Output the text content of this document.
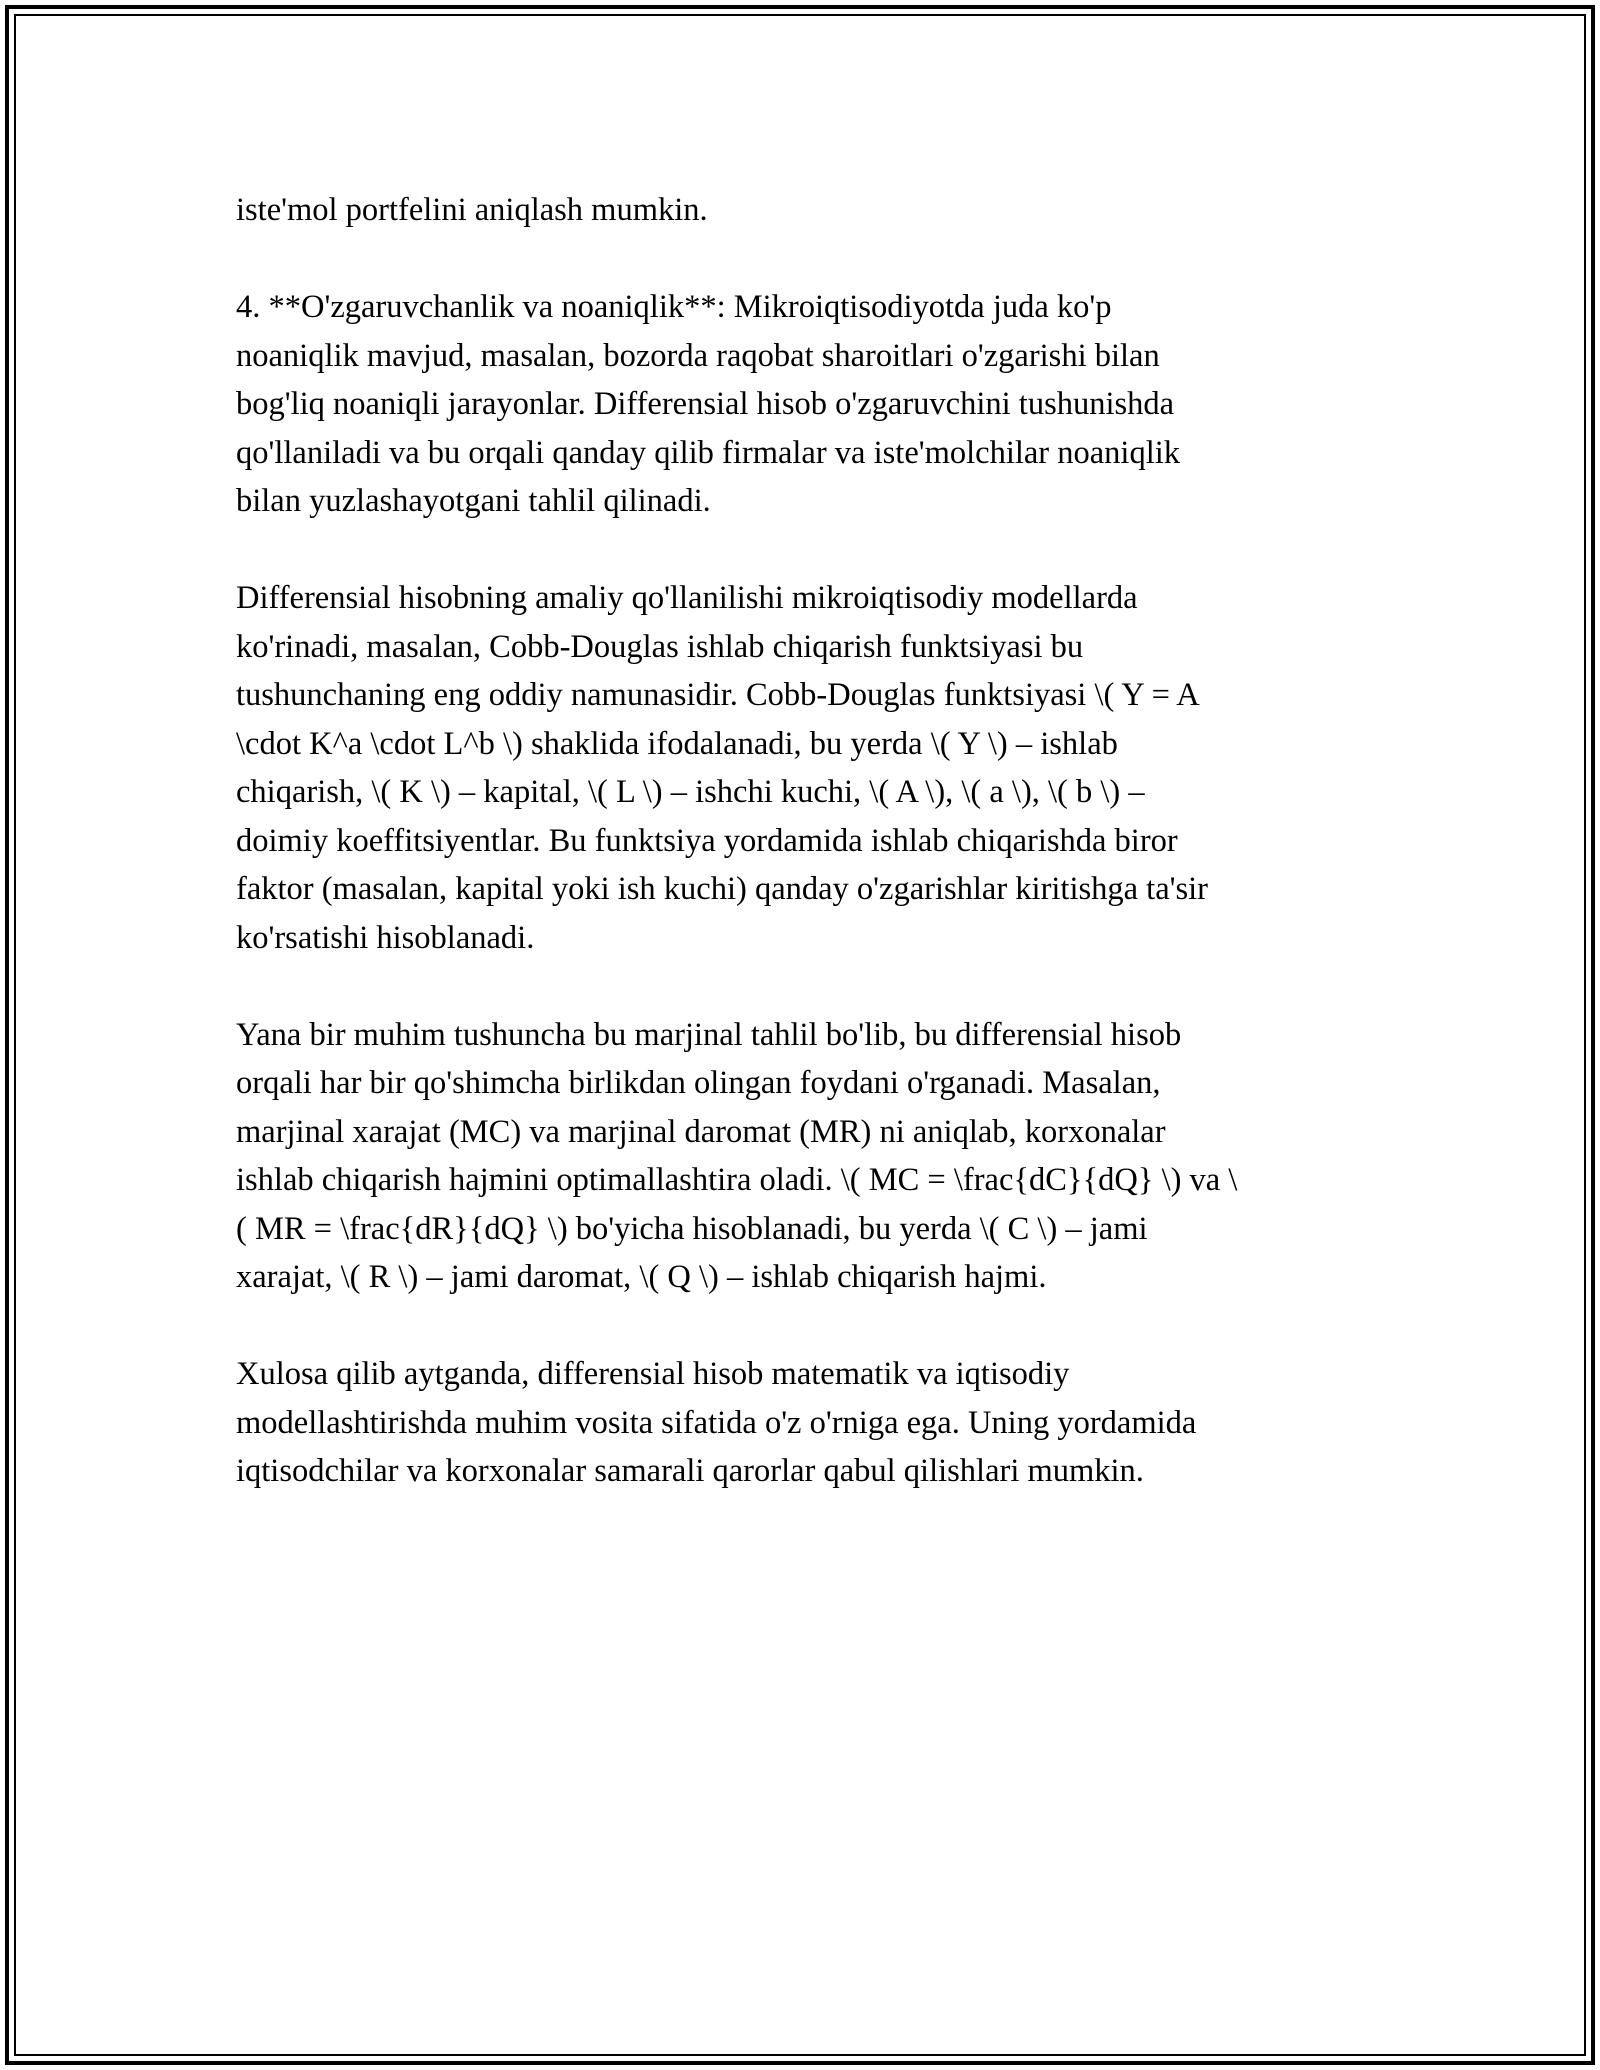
iste'mol portfelini aniqlash mumkin.

4. **O'zgaruvchanlik va noaniqlik**: Mikroiqtisodiyotda juda ko'p
noaniqlik mavjud, masalan, bozorda raqobat sharoitlari o'zgarishi bilan
bog'liq noaniqli jarayonlar. Differensial hisob o'zgaruvchini tushunishda
qo'llaniladi va bu orqali qanday qilib firmalar va iste'molchilar noaniqlik
bilan yuzlashayotgani tahlil qilinadi.

Differensial hisobning amaliy qo'llanilishi mikroiqtisodiy modellarda
ko'rinadi, masalan, Cobb-Douglas ishlab chiqarish funktsiyasi bu
tushunchaning eng oddiy namunasidir. Cobb-Douglas funktsiyasi \( Y = A
\cdot K^a \cdot L^b \) shaklida ifodalanadi, bu yerda \( Y \) – ishlab
chiqarish, \( K \) – kapital, \( L \) – ishchi kuchi, \( A \), \( a \), \( b \) –
doimiy koeffitsiyentlar. Bu funktsiya yordamida ishlab chiqarishda biror
faktor (masalan, kapital yoki ish kuchi) qanday o'zgarishlar kiritishga ta'sir
ko'rsatishi hisoblanadi.

Yana bir muhim tushuncha bu marjinal tahlil bo'lib, bu differensial hisob
orqali har bir qo'shimcha birlikdan olingan foydani o'rganadi. Masalan,
marjinal xarajat (MC) va marjinal daromat (MR) ni aniqlab, korxonalar
ishlab chiqarish hajmini optimallashtira oladi. \( MC = \frac{dC}{dQ} \) va \
( MR = \frac{dR}{dQ} \) bo'yicha hisoblanadi, bu yerda \( C \) – jami
xarajat, \( R \) – jami daromat, \( Q \) – ishlab chiqarish hajmi.

Xulosa qilib aytganda, differensial hisob matematik va iqtisodiy
modellashtirishda muhim vosita sifatida o'z o'rniga ega. Uning yordamida
iqtisodchilar va korxonalar samarali qarorlar qabul qilishlari mumkin.
